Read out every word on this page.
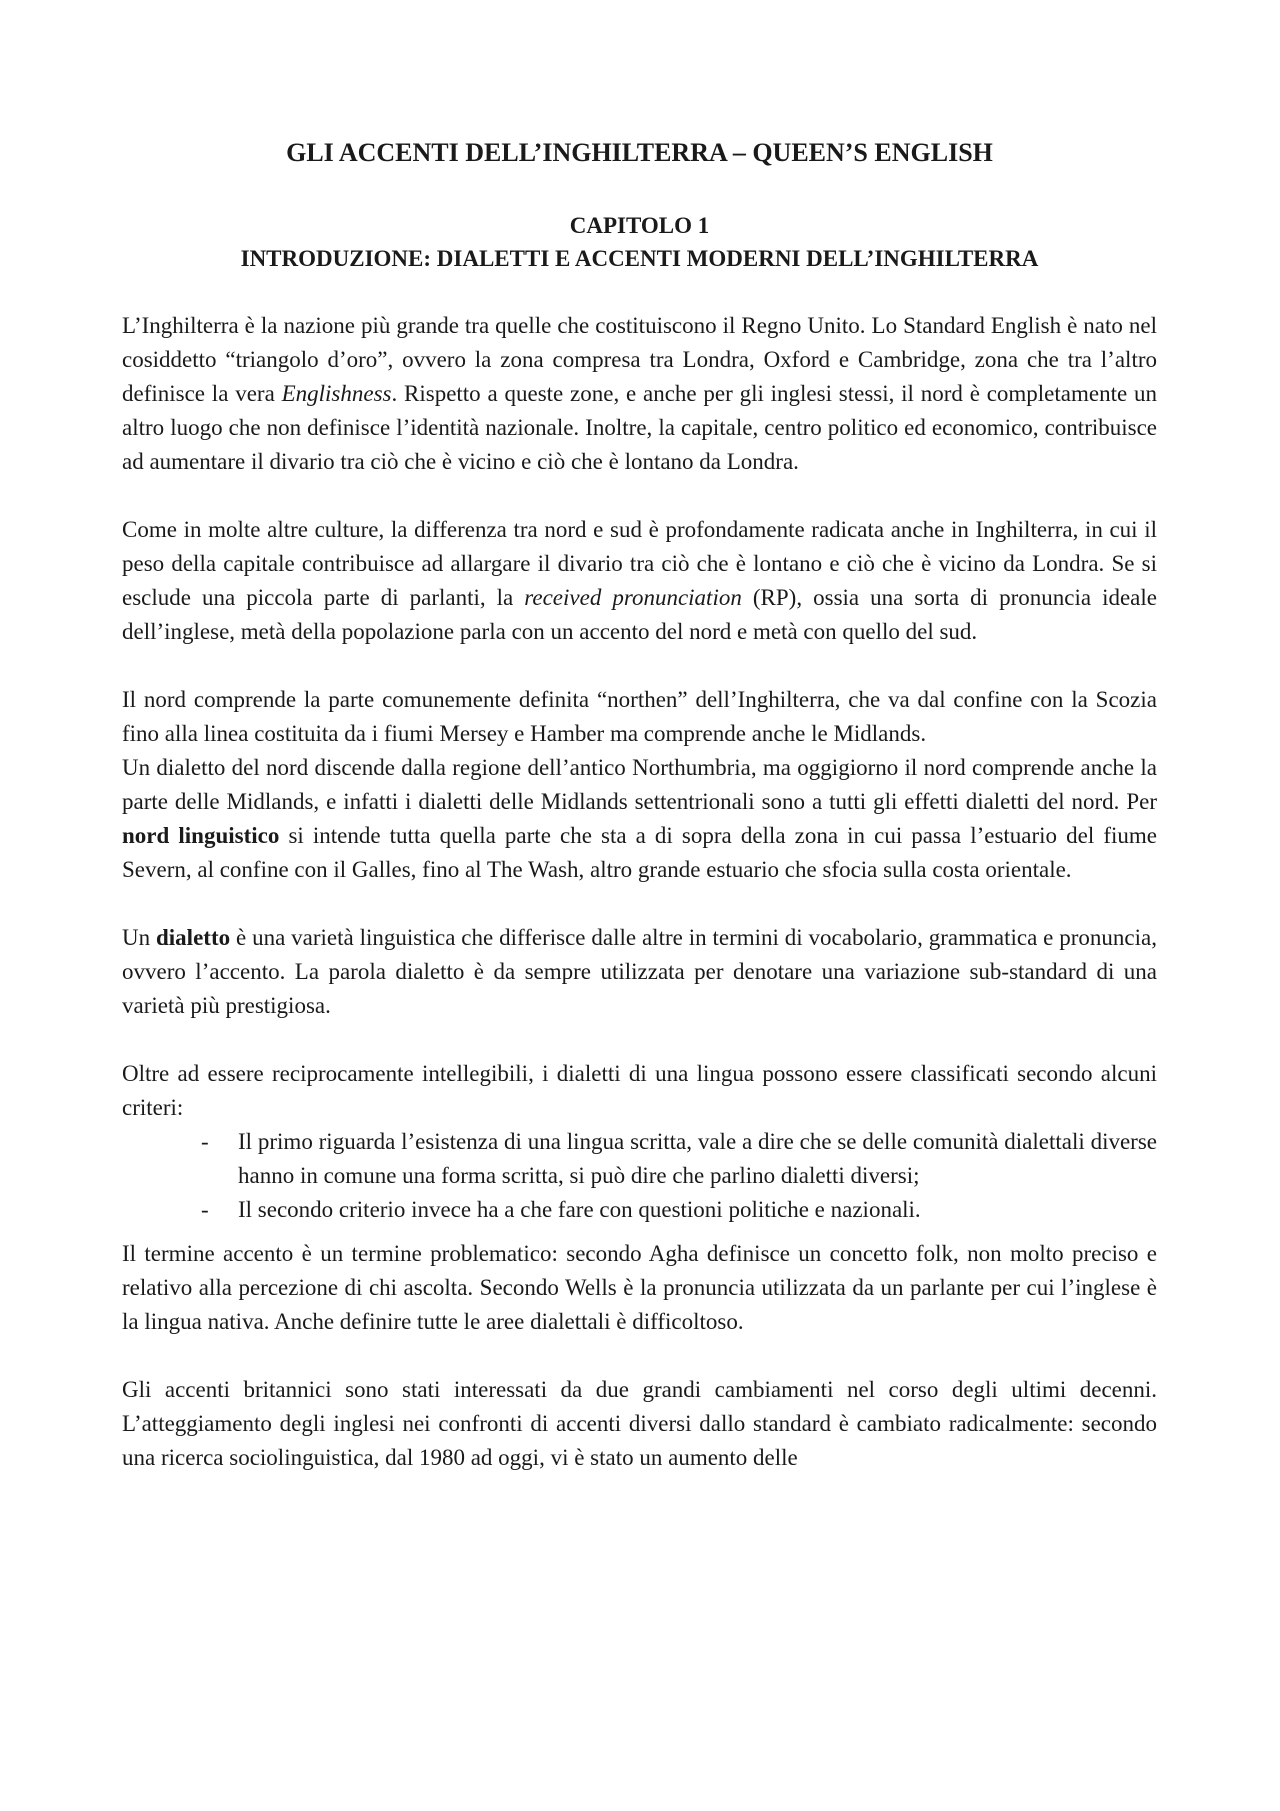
GLI ACCENTI DELL’INGHILTERRA – QUEEN’S ENGLISH
CAPITOLO 1
INTRODUZIONE: DIALETTI E ACCENTI MODERNI DELL’INGHILTERRA

L’Inghilterra è la nazione più grande tra quelle che costituiscono il Regno Unito. Lo Standard English è nato nel cosiddetto “triangolo d’oro”, ovvero la zona compresa tra Londra, Oxford e Cambridge, zona che tra l’altro definisce la vera Englishness. Rispetto a queste zone, e anche per gli inglesi stessi, il nord è completamente un altro luogo che non definisce l’identità nazionale. Inoltre, la capitale, centro politico ed economico, contribuisce ad aumentare il divario tra ciò che è vicino e ciò che è lontano da Londra.

Come in molte altre culture, la differenza tra nord e sud è profondamente radicata anche in Inghilterra, in cui il peso della capitale contribuisce ad allargare il divario tra ciò che è lontano e ciò che è vicino da Londra. Se si esclude una piccola parte di parlanti, la received pronunciation (RP), ossia una sorta di pronuncia ideale dell’inglese, metà della popolazione parla con un accento del nord e metà con quello del sud.

Il nord comprende la parte comunemente definita “northen” dell’Inghilterra, che va dal confine con la Scozia fino alla linea costituita da i fiumi Mersey e Hamber ma comprende anche le Midlands.

Un dialetto del nord discende dalla regione dell’antico Northumbria, ma oggigiorno il nord comprende anche la parte delle Midlands, e infatti i dialetti delle Midlands settentrionali sono a tutti gli effetti dialetti del nord. Per nord linguistico si intende tutta quella parte che sta a di sopra della zona in cui passa l’estuario del fiume Severn, al confine con il Galles, fino al The Wash, altro grande estuario che sfocia sulla costa orientale.

Un dialetto è una varietà linguistica che differisce dalle altre in termini di vocabolario, grammatica e pronuncia, ovvero l’accento. La parola dialetto è da sempre utilizzata per denotare una variazione sub-standard di una varietà più prestigiosa.

Oltre ad essere reciprocamente intellegibili, i dialetti di una lingua possono essere classificati secondo alcuni criteri:

- Il primo riguarda l’esistenza di una lingua scritta, vale a dire che se delle comunità dialettali diverse hanno in comune una forma scritta, si può dire che parlino dialetti diversi;
- Il secondo criterio invece ha a che fare con questioni politiche e nazionali.

Il termine accento è un termine problematico: secondo Agha definisce un concetto folk, non molto preciso e relativo alla percezione di chi ascolta. Secondo Wells è la pronuncia utilizzata da un parlante per cui l’inglese è la lingua nativa. Anche definire tutte le aree dialettali è difficoltoso.

Gli accenti britannici sono stati interessati da due grandi cambiamenti nel corso degli ultimi decenni. L’atteggiamento degli inglesi nei confronti di accenti diversi dallo standard è cambiato radicalmente: secondo una ricerca sociolinguistica, dal 1980 ad oggi, vi è stato un aumento delle
